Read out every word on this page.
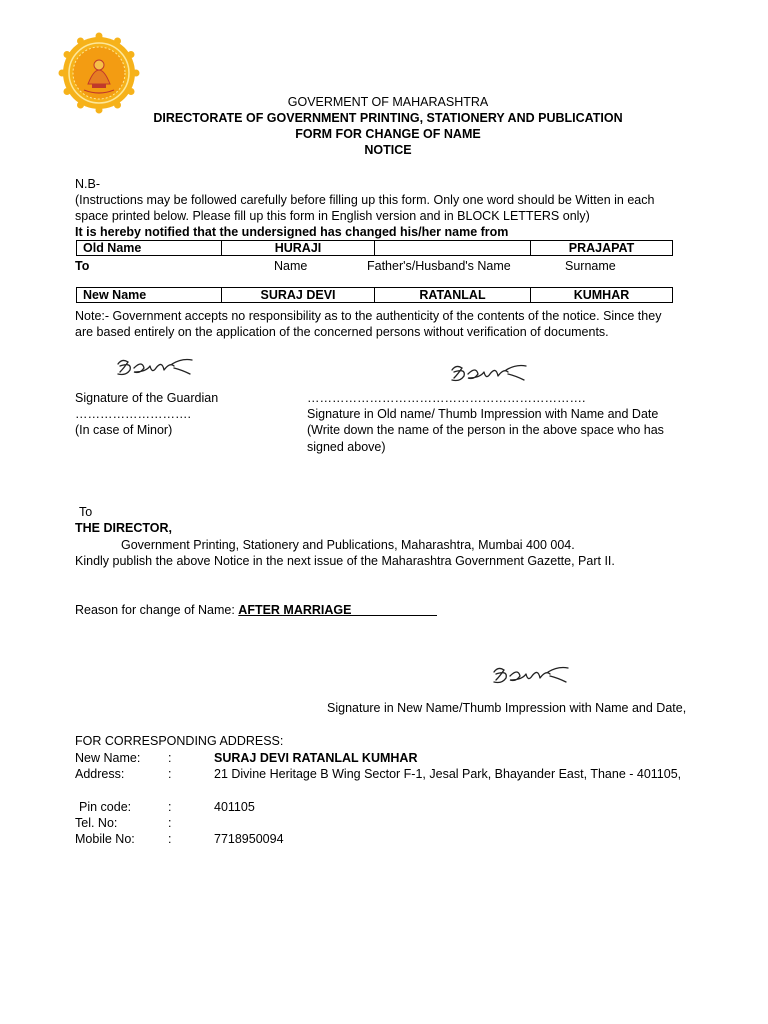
GOVERMENT OF MAHARASHTRA
DIRECTORATE OF GOVERNMENT PRINTING, STATIONERY AND PUBLICATION
FORM FOR CHANGE OF NAME
NOTICE
N.B-
(Instructions may be followed carefully before filling up this form. Only one word should be Witten in each
space printed below. Please fill up this form in English version and in BLOCK LETTERS only)
It is hereby notified that the undersigned has changed his/her name from
Old Name	HURAJI		PRAJAPAT
To	Name	Father's/Husband's Name	Surname
New Name	SURAJ DEVI	RATANLAL	KUMHAR
Note:- Government accepts no responsibility as to the authenticity of the contents of the notice. Since they
are based entirely on the application of the concerned persons without verification of documents.
Signature of the Guardian
……………………….
(In case of Minor)
………………………………………………………….
Signature in Old name/ Thumb Impression with Name and Date
(Write down the name of the person in the above space who has
signed above)
To
THE DIRECTOR,
Government Printing, Stationery and Publications, Maharashtra, Mumbai 400 004.
Kindly publish the above Notice in the next issue of the Maharashtra Government Gazette, Part II.
Reason for change of Name: AFTER MARRIAGE
Signature in New Name/Thumb Impression with Name and Date,
FOR CORRESPONDING ADDRESS:
New Name: :	SURAJ DEVI RATANLAL KUMHAR
Address:	:	21 Divine Heritage B Wing Sector F-1, Jesal Park, Bhayander East, Thane - 401105,
Pin code:	:	401105
Tel. No:	:
Mobile No:	:	7718950094
